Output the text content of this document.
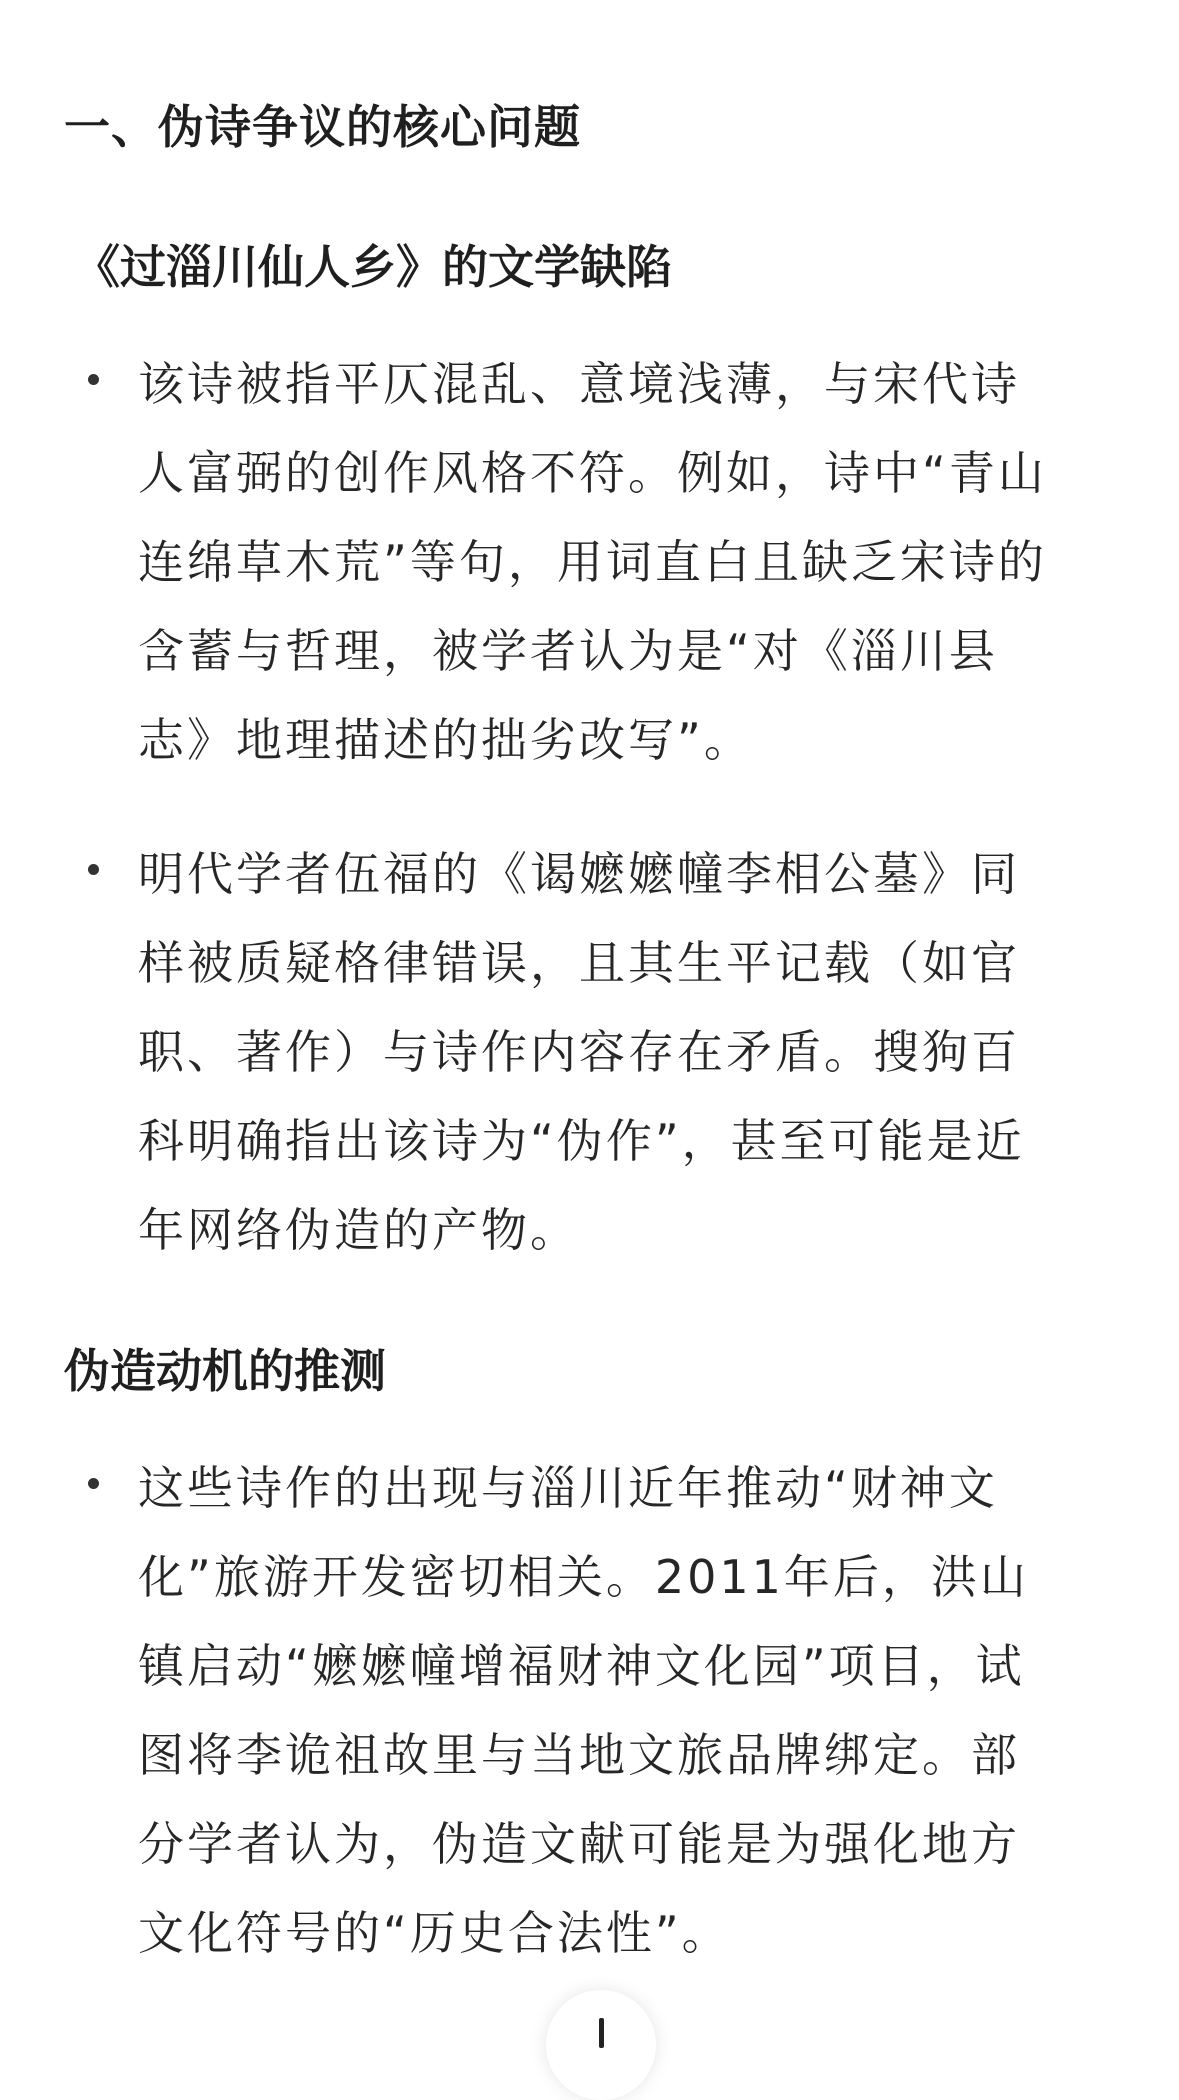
一、伪诗争议的核心问题
《过淄川仙人乡》的文学缺陷
该诗被指平仄混乱、意境浅薄，与宋代诗
人富弼的创作风格不符。例如，诗中“青山
连绵草木荒”等句，用词直白且缺乏宋诗的
含蓄与哲理，被学者认为是“对《淄川县
志》地理描述的拙劣改写”。
明代学者伍福的《谒嬷嬷幢李相公墓》同
样被质疑格律错误，且其生平记载（如官
职、著作）与诗作内容存在矛盾。搜狗百
科明确指出该诗为“伪作”，甚至可能是近
年网络伪造的产物。
伪造动机的推测
这些诗作的出现与淄川近年推动“财神文
化”旅游开发密切相关。2011年后，洪山
镇启动“嬷嬷幢增福财神文化园”项目，试
图将李诡祖故里与当地文旅品牌绑定。部
分学者认为，伪造文献可能是为强化地方
文化符号的“历史合法性”。
